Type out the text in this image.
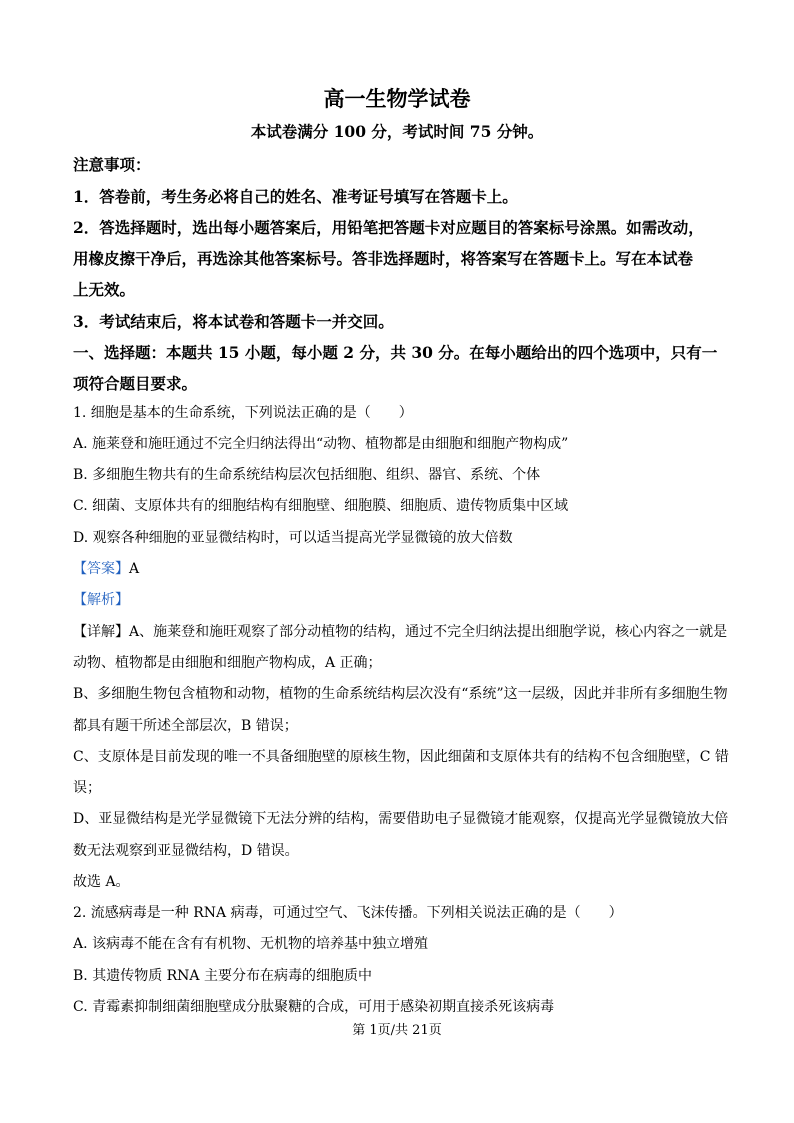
高一生物学试卷
本试卷满分 100 分，考试时间 75 分钟。
注意事项：
1．答卷前，考生务必将自己的姓名、准考证号填写在答题卡上。
2．答选择题时，选出每小题答案后，用铅笔把答题卡对应题目的答案标号涂黑。如需改动，
用橡皮擦干净后，再选涂其他答案标号。答非选择题时，将答案写在答题卡上。写在本试卷
上无效。
3．考试结束后，将本试卷和答题卡一并交回。
一、选择题：本题共 15 小题，每小题 2 分，共 30 分。在每小题给出的四个选项中，只有一
项符合题目要求。
1. 细胞是基本的生命系统，下列说法正确的是（　　）
A. 施莱登和施旺通过不完全归纳法得出“动物、植物都是由细胞和细胞产物构成”
B. 多细胞生物共有的生命系统结构层次包括细胞、组织、器官、系统、个体
C. 细菌、支原体共有的细胞结构有细胞壁、细胞膜、细胞质、遗传物质集中区域
D. 观察各种细胞的亚显微结构时，可以适当提高光学显微镜的放大倍数
【答案】A
【解析】
【详解】A、施莱登和施旺观察了部分动植物的结构，通过不完全归纳法提出细胞学说，核心内容之一就是
动物、植物都是由细胞和细胞产物构成，A 正确；
B、多细胞生物包含植物和动物，植物的生命系统结构层次没有“系统”这一层级，因此并非所有多细胞生物
都具有题干所述全部层次，B 错误；
C、支原体是目前发现的唯一不具备细胞壁的原核生物，因此细菌和支原体共有的结构不包含细胞壁，C 错
误；
D、亚显微结构是光学显微镜下无法分辨的结构，需要借助电子显微镜才能观察，仅提高光学显微镜放大倍
数无法观察到亚显微结构，D 错误。
故选 A。
2. 流感病毒是一种 RNA 病毒，可通过空气、飞沫传播。下列相关说法正确的是（　　）
A. 该病毒不能在含有有机物、无机物的培养基中独立增殖
B. 其遗传物质 RNA 主要分布在病毒的细胞质中
C. 青霉素抑制细菌细胞壁成分肽聚糖的合成，可用于感染初期直接杀死该病毒
第 1页/共 21页
